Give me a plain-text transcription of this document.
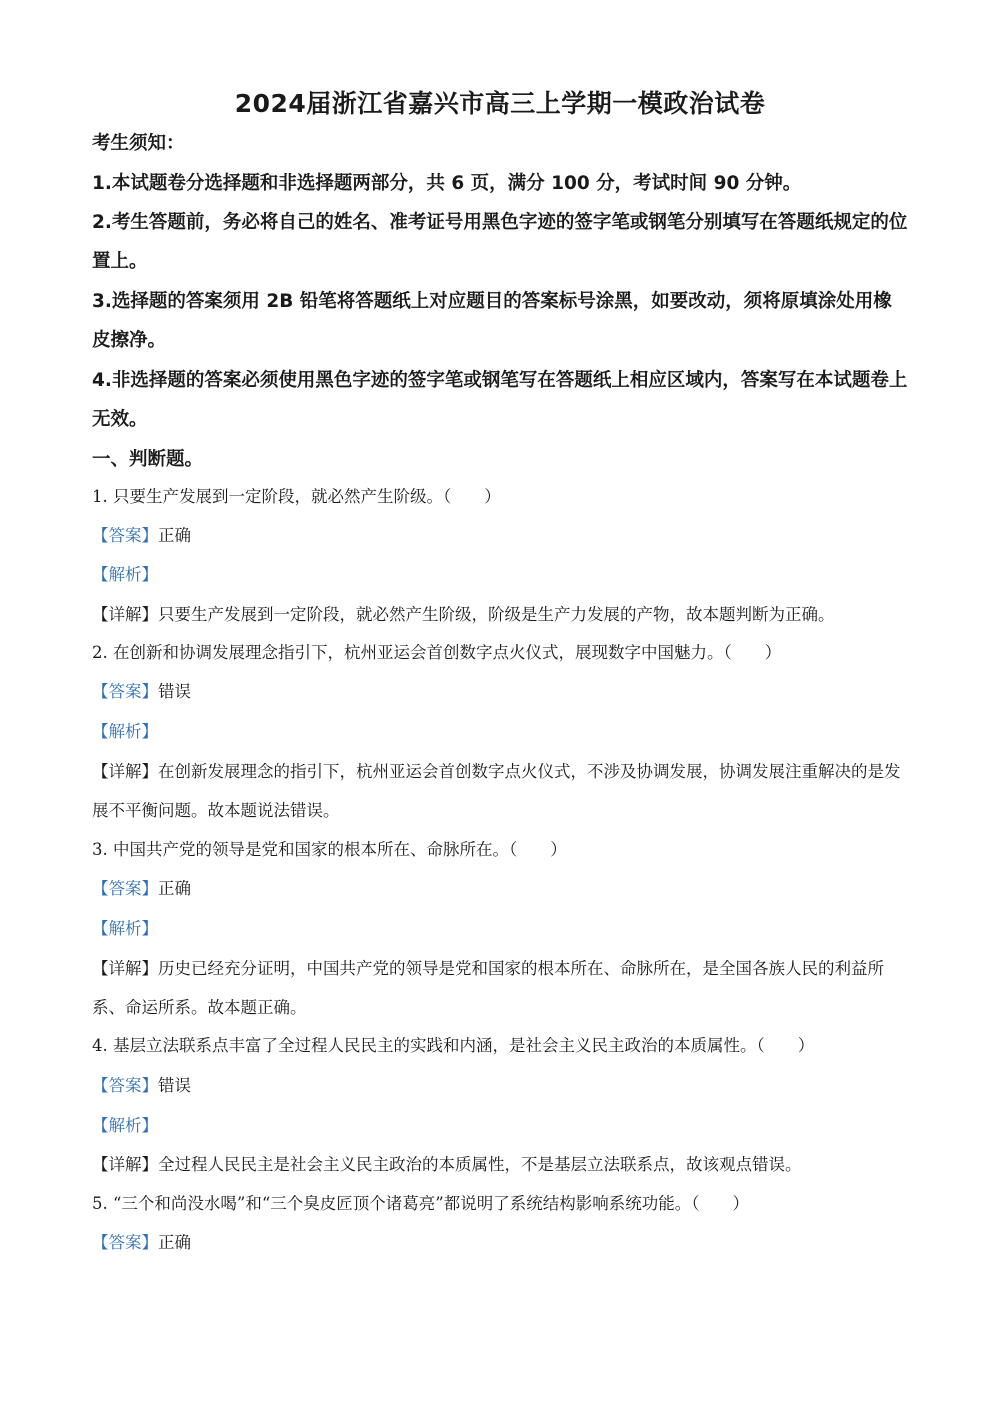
2024届浙江省嘉兴市高三上学期一模政治试卷
考生须知：
1.本试题卷分选择题和非选择题两部分，共 6 页，满分 100 分，考试时间 90 分钟。
2.考生答题前，务必将自己的姓名、准考证号用黑色字迹的签字笔或钢笔分别填写在答题纸规定的位置上。
3.选择题的答案须用 2B 铅笔将答题纸上对应题目的答案标号涂黑，如要改动，须将原填涂处用橡皮擦净。
4.非选择题的答案必须使用黑色字迹的签字笔或钢笔写在答题纸上相应区域内，答案写在本试题卷上无效。
一、判断题。
1. 只要生产发展到一定阶段，就必然产生阶级。（　　）
【答案】正确
【解析】
【详解】只要生产发展到一定阶段，就必然产生阶级，阶级是生产力发展的产物，故本题判断为正确。
2. 在创新和协调发展理念指引下，杭州亚运会首创数字点火仪式，展现数字中国魅力。（　　）
【答案】错误
【解析】
【详解】在创新发展理念的指引下，杭州亚运会首创数字点火仪式，不涉及协调发展，协调发展注重解决的是发展不平衡问题。故本题说法错误。
3. 中国共产党的领导是党和国家的根本所在、命脉所在。（　　）
【答案】正确
【解析】
【详解】历史已经充分证明，中国共产党的领导是党和国家的根本所在、命脉所在，是全国各族人民的利益所系、命运所系。故本题正确。
4. 基层立法联系点丰富了全过程人民民主的实践和内涵，是社会主义民主政治的本质属性。（　　）
【答案】错误
【解析】
【详解】全过程人民民主是社会主义民主政治的本质属性，不是基层立法联系点，故该观点错误。
5. “三个和尚没水喝”和“三个臭皮匠顶个诸葛亮”都说明了系统结构影响系统功能。（　　）
【答案】正确
